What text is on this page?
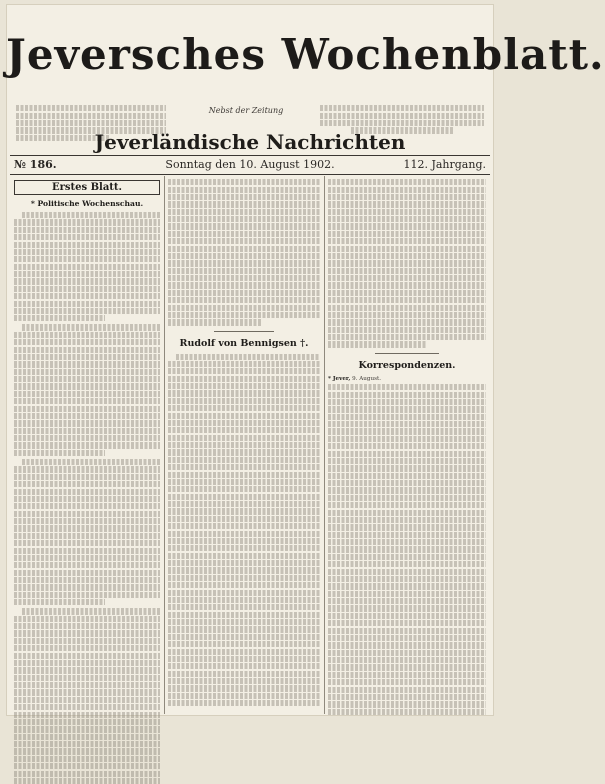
Jeversches Wochenblatt.
Nebst der Zeitung
Jeverländische Nachrichten
№ 186.	Sonntag den 10. August 1902.	112. Jahrgang.
Erstes Blatt.
* Politische Wochenschau.
Rudolf von Bennigsen †.
Korrespondenzen.
* Jever, 9. August.
